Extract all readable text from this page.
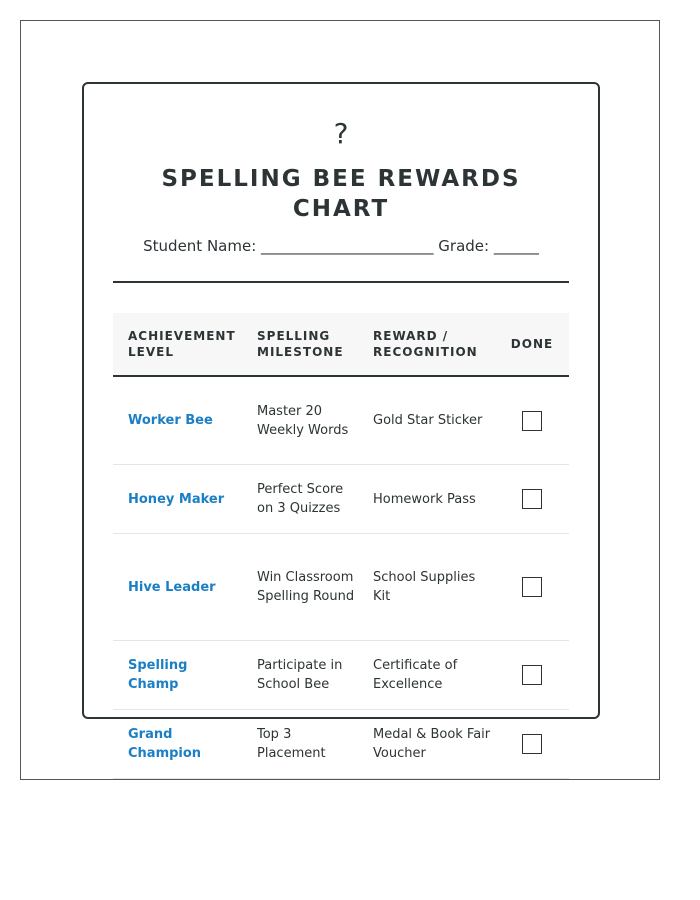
?
SPELLING BEE REWARDS CHART
Student Name: _______________________ Grade: ______
ACHIEVEMENT LEVEL	SPELLING MILESTONE	REWARD / RECOGNITION	DONE
Worker Bee	Master 20 Weekly Words	Gold Star Sticker	
Honey Maker	Perfect Score on 3 Quizzes	Homework Pass	
Hive Leader	Win Classroom Spelling Round	School Supplies Kit	
Spelling Champ	Participate in School Bee	Certificate of Excellence	
Grand Champion	Top 3 Placement	Medal & Book Fair Voucher	
